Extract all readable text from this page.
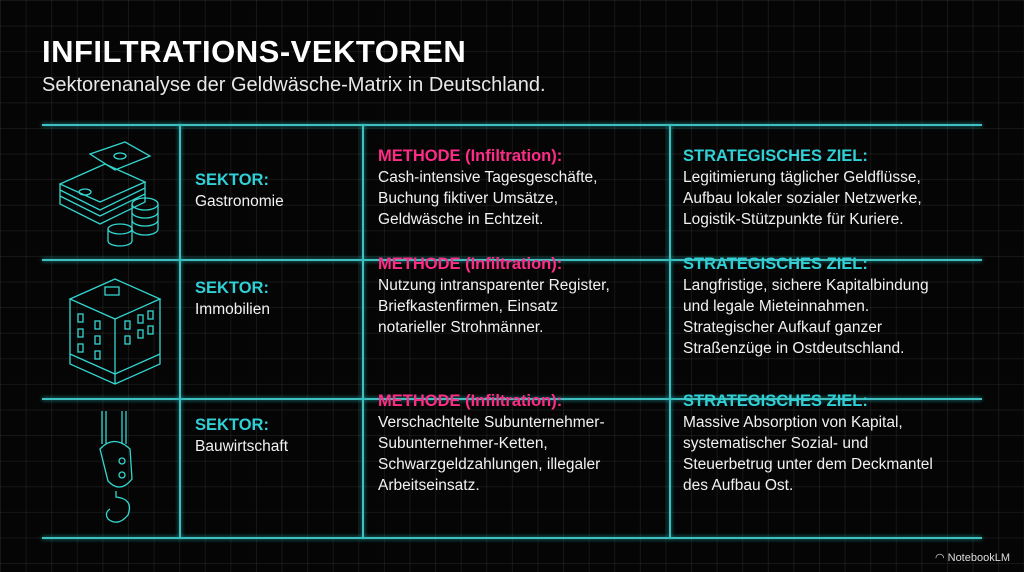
INFILTRATIONS-VEKTOREN
Sektorenanalyse der Geldwäsche-Matrix in Deutschland.
SEKTOR:
Gastronomie
METHODE (Infiltration):
Cash-intensive Tagesgeschäfte,
Buchung fiktiver Umsätze,
Geldwäsche in Echtzeit.
STRATEGISCHES ZIEL:
Legitimierung täglicher Geldflüsse,
Aufbau lokaler sozialer Netzwerke,
Logistik-Stützpunkte für Kuriere.
SEKTOR:
Immobilien
METHODE (Infiltration):
Nutzung intransparenter Register,
Briefkastenfirmen, Einsatz
notarieller Strohmänner.
STRATEGISCHES ZIEL:
Langfristige, sichere Kapitalbindung
und legale Mieteinnahmen.
Strategischer Aufkauf ganzer
Straßenzüge in Ostdeutschland.
SEKTOR:
Bauwirtschaft
METHODE (Infiltration):
Verschachtelte Subunternehmer-
Subunternehmer-Ketten,
Schwarzgeldzahlungen, illegaler
Arbeitseinsatz.
STRATEGISCHES ZIEL:
Massive Absorption von Kapital,
systematischer Sozial- und
Steuerbetrug unter dem Deckmantel
des Aufbau Ost.
◠ NotebookLM
